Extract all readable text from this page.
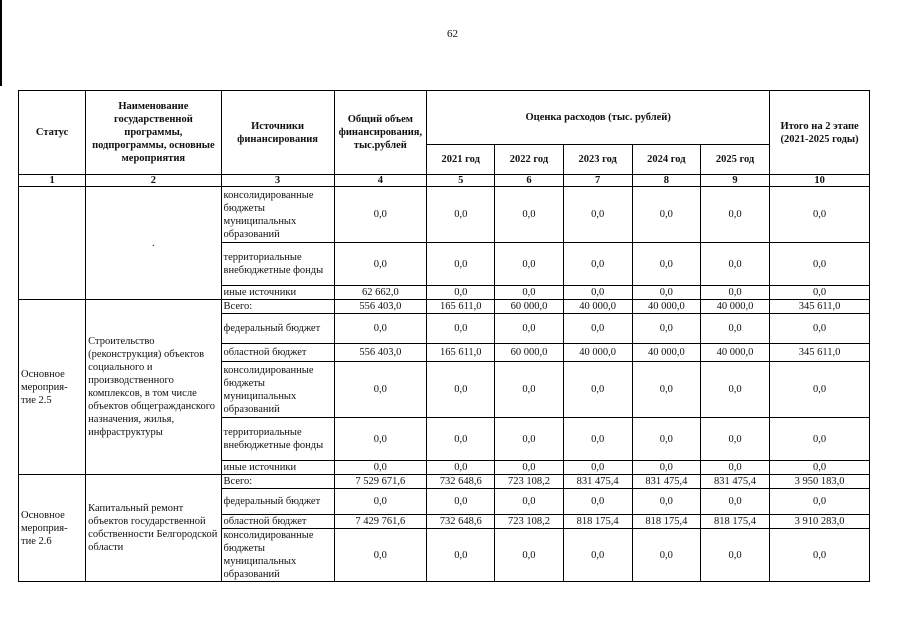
62
Статус	Наименование государственной программы, подпрограммы, основные мероприятия	Источники финансирования	Общий объем финансирования, тыс.рублей	Оценка расходов (тыс. рублей)					Итого на 2 этапе (2021-2025 годы)
				2021 год	2022 год	2023 год	2024 год	2025 год	
1	2	3	4	5	6	7	8	9	10
	.	консолидированные бюджеты муниципальных образований	0,0	0,0	0,0	0,0	0,0	0,0	0,0
		территориальные внебюджетные фонды	0,0	0,0	0,0	0,0	0,0	0,0	0,0
		иные источники	62 662,0	0,0	0,0	0,0	0,0	0,0	0,0
Основное мероприя- тие 2.5	Строительство (реконструкция) объектов социального и производственного комплексов, в том числе объектов общегражданского назначения, жилья, инфраструктуры	Всего:	556 403,0	165 611,0	60 000,0	40 000,0	40 000,0	40 000,0	345 611,0
		федеральный бюджет	0,0	0,0	0,0	0,0	0,0	0,0	0,0
		областной бюджет	556 403,0	165 611,0	60 000,0	40 000,0	40 000,0	40 000,0	345 611,0
		консолидированные бюджеты муниципальных образований	0,0	0,0	0,0	0,0	0,0	0,0	0,0
		территориальные внебюджетные фонды	0,0	0,0	0,0	0,0	0,0	0,0	0,0
		иные источники	0,0	0,0	0,0	0,0	0,0	0,0	0,0
Основное мероприя- тие 2.6	Капитальный ремонт объектов государственной собственности Белгородской области	Всего:	7 529 671,6	732 648,6	723 108,2	831 475,4	831 475,4	831 475,4	3 950 183,0
		федеральный бюджет	0,0	0,0	0,0	0,0	0,0	0,0	0,0
		областной бюджет	7 429 761,6	732 648,6	723 108,2	818 175,4	818 175,4	818 175,4	3 910 283,0
		консолидированные бюджеты муниципальных образований	0,0	0,0	0,0	0,0	0,0	0,0	0,0
